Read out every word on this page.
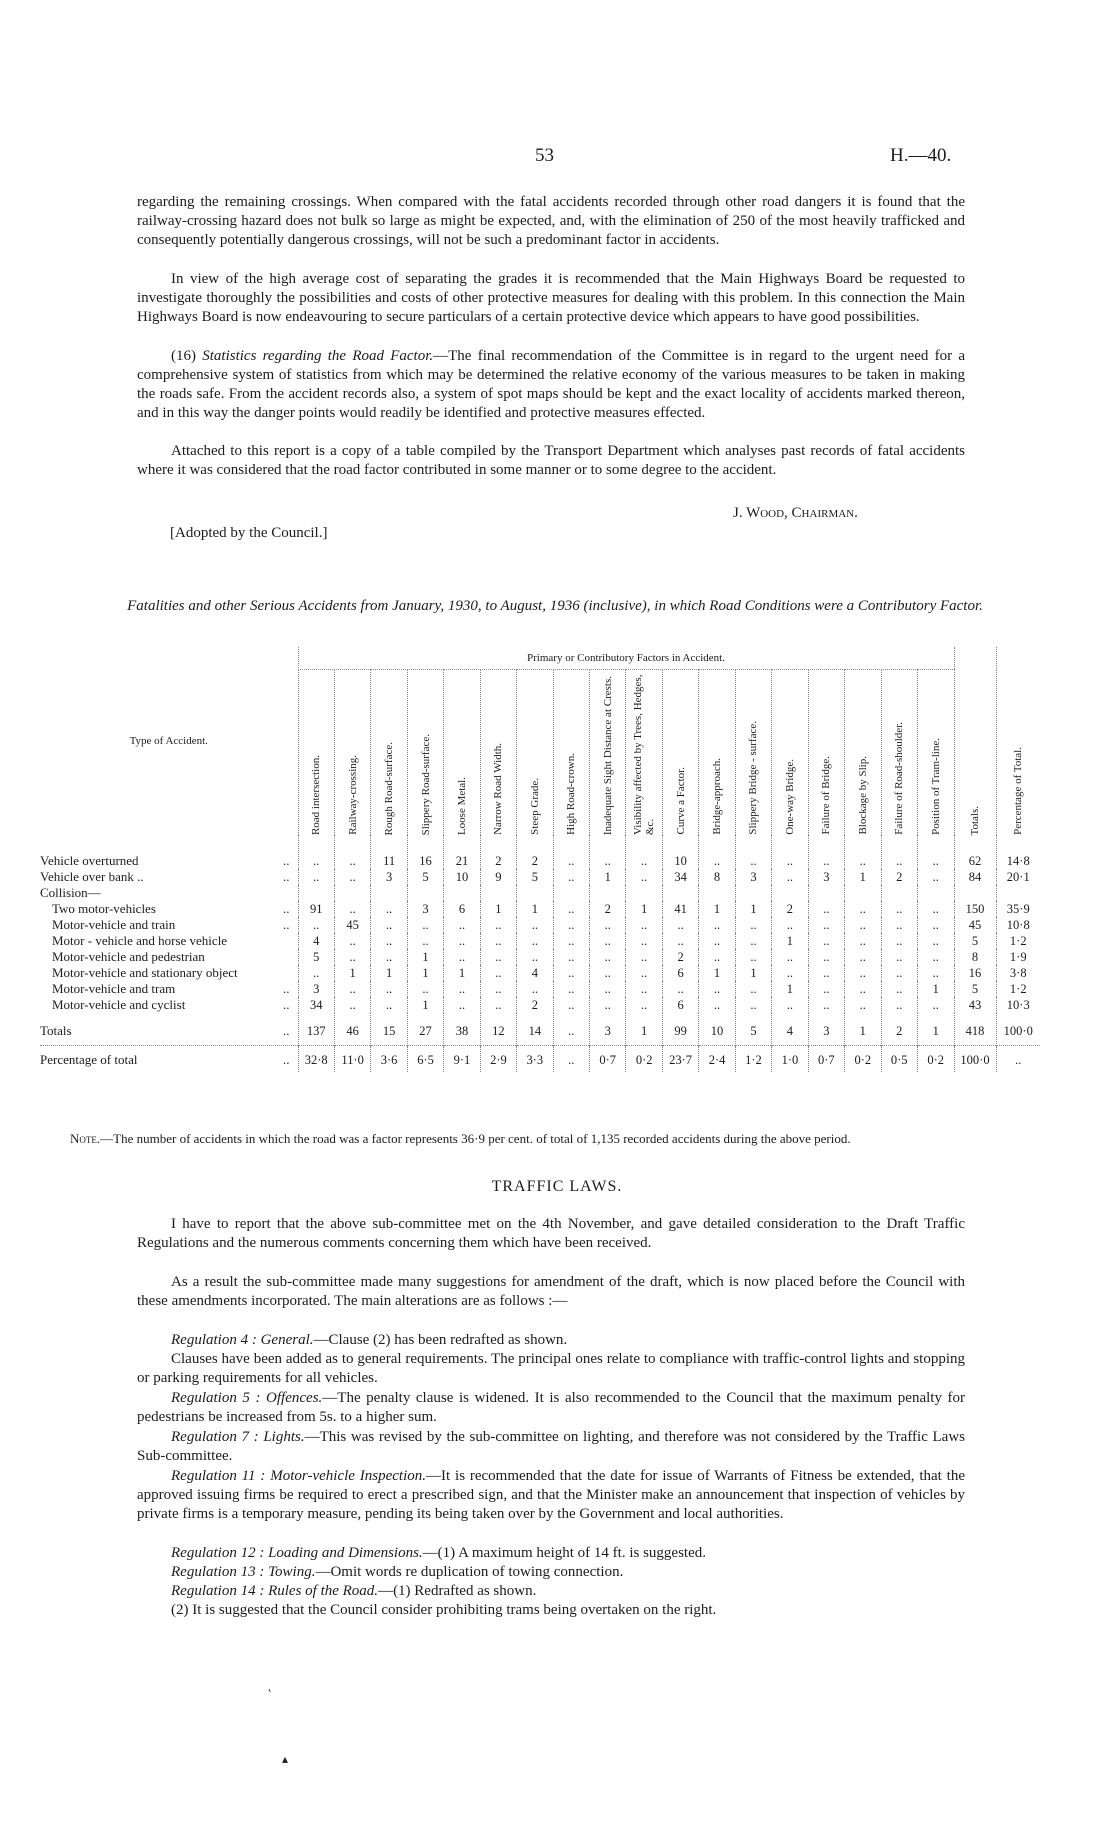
53	H.—40.

regarding the remaining crossings. When compared with the fatal accidents recorded through other road dangers it is found that the railway-crossing hazard does not bulk so large as might be expected, and, with the elimination of 250 of the most heavily trafficked and consequently potentially dangerous crossings, will not be such a predominant factor in accidents.

In view of the high average cost of separating the grades it is recommended that the Main Highways Board be requested to investigate thoroughly the possibilities and costs of other protective measures for dealing with this problem. In this connection the Main Highways Board is now endeavouring to secure particulars of a certain protective device which appears to have good possibilities.

(16) Statistics regarding the Road Factor.—The final recommendation of the Committee is in regard to the urgent need for a comprehensive system of statistics from which may be determined the relative economy of the various measures to be taken in making the roads safe. From the accident records also, a system of spot maps should be kept and the exact locality of accidents marked thereon, and in this way the danger points would readily be identified and protective measures effected.

Attached to this report is a copy of a table compiled by the Transport Department which analyses past records of fatal accidents where it was considered that the road factor contributed in some manner or to some degree to the accident.

J. Wood, Chairman.
[Adopted by the Council.]
Fatalities and other Serious Accidents from January, 1930, to August, 1936 (inclusive), in which Road Conditions were a Contributory Factor.
Type of Accident.	Primary or Contributory Factors in Accident.																		Totals.	Percentage of Total.

	Road intersection.	Railway-crossing.	Rough Road-surface.	Slippery Road-surface.	Loose Metal.	Narrow Road Width.	Steep Grade.	High Road-crown.	Inadequate Sight Distance at Crests.	Visibility affected by Trees, Hedges, &c.	Curve a Factor.	Bridge-approach.	Slippery Bridge - surface.	One-way Bridge.	Failure of Bridge.	Blockage by Slip.	Failure of Road-shoulder.	Position of Tram-line.		

Vehicle overturned ..	..	..	11	16	21	2	2	..	..	..	10	..	..	..	..	..	..	..	62	14·8
Vehicle over bank .. ..	..	..	3	5	10	9	5	..	1	..	34	8	3	..	3	1	2	..	84	20·1
Collision—																				
Two motor-vehicles ..	91	..	..	3	6	1	1	..	2	1	41	1	1	2	..	..	..	..	150	35·9
Motor-vehicle and train ..	..	45	..	..	..	..	..	..	..	..	..	..	..	..	..	..	..	..	45	10·8
Motor - vehicle and horse vehicle	4	..	..	..	..	..	..	..	..	..	..	..	..	1	..	..	..	..	5	1·2
Motor-vehicle and pedestrian	5	..	..	1	..	..	..	..	..	..	2	..	..	..	..	..	..	..	8	1·9
Motor-vehicle and stationary object	..	1	1	1	1	..	4	..	..	..	6	1	1	..	..	..	..	..	16	3·8
Motor-vehicle and tram ..	3	..	..	..	..	..	..	..	..	..	..	..	..	1	..	..	..	1	5	1·2
Motor-vehicle and cyclist ..	34	..	..	1	..	..	2	..	..	..	6	..	..	..	..	..	..	..	43	10·3
Totals ..	137	46	15	27	38	12	14	..	3	1	99	10	5	4	3	1	2	1	418	100·0
Percentage of total ..	32·8	11·0	3·6	6·5	9·1	2·9	3·3	..	0·7	0·2	23·7	2·4	1·2	1·0	0·7	0·2	0·5	0·2	100·0	..
Note.—The number of accidents in which the road was a factor represents 36·9 per cent. of total of 1,135 recorded accidents during the above period.
TRAFFIC LAWS.

I have to report that the above sub-committee met on the 4th November, and gave detailed consideration to the Draft Traffic Regulations and the numerous comments concerning them which have been received.

As a result the sub-committee made many suggestions for amendment of the draft, which is now placed before the Council with these amendments incorporated. The main alterations are as follows :—

Regulation 4 : General.—Clause (2) has been redrafted as shown.

Clauses have been added as to general requirements. The principal ones relate to compliance with traffic-control lights and stopping or parking requirements for all vehicles.

Regulation 5 : Offences.—The penalty clause is widened. It is also recommended to the Council that the maximum penalty for pedestrians be increased from 5s. to a higher sum.

Regulation 7 : Lights.—This was revised by the sub-committee on lighting, and therefore was not considered by the Traffic Laws Sub-committee.

Regulation 11 : Motor-vehicle Inspection.—It is recommended that the date for issue of Warrants of Fitness be extended, that the approved issuing firms be required to erect a prescribed sign, and that the Minister make an announcement that inspection of vehicles by private firms is a temporary measure, pending its being taken over by the Government and local authorities.

Regulation 12 : Loading and Dimensions.—(1) A maximum height of 14 ft. is suggested.

Regulation 13 : Towing.—Omit words re duplication of towing connection.

Regulation 14 : Rules of the Road.—(1) Redrafted as shown.

(2) It is suggested that the Council consider prohibiting trams being overtaken on the right.

˛
▴
